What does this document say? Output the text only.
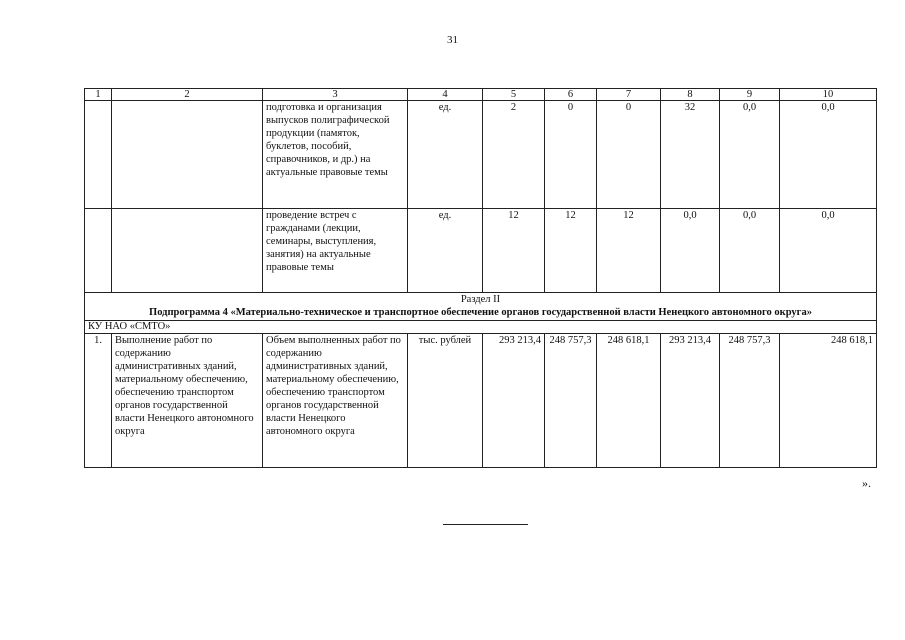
31
1	2	3	4	5	6	7	8	9	10
		подготовка и организация выпусков полиграфической продукции (памяток, буклетов, пособий, справочников, и др.) на актуальные правовые темы	ед.	2	0	0	32	0,0	0,0
		проведение встреч с гражданами (лекции, семинары, выступления, занятия) на актуальные правовые темы	ед.	12	12	12	0,0	0,0	0,0

Раздел II
Подпрограмма 4 «Материально-техническое и транспортное обеспечение органов государственной власти Ненецкого автономного округа»									

КУ НАО «СМТО»									
1.	Выполнение работ по содержанию административных зданий, материальному обеспечению, обеспечению транспортом органов государственной власти Ненецкого автономного округа	Объем выполненных работ по содержанию административных зданий, материальному обеспечению, обеспечению транспортом органов государственной власти Ненецкого автономного округа	тыс. рублей	293 213,4	248 757,3	248 618,1	293 213,4	248 757,3	248 618,1
».
